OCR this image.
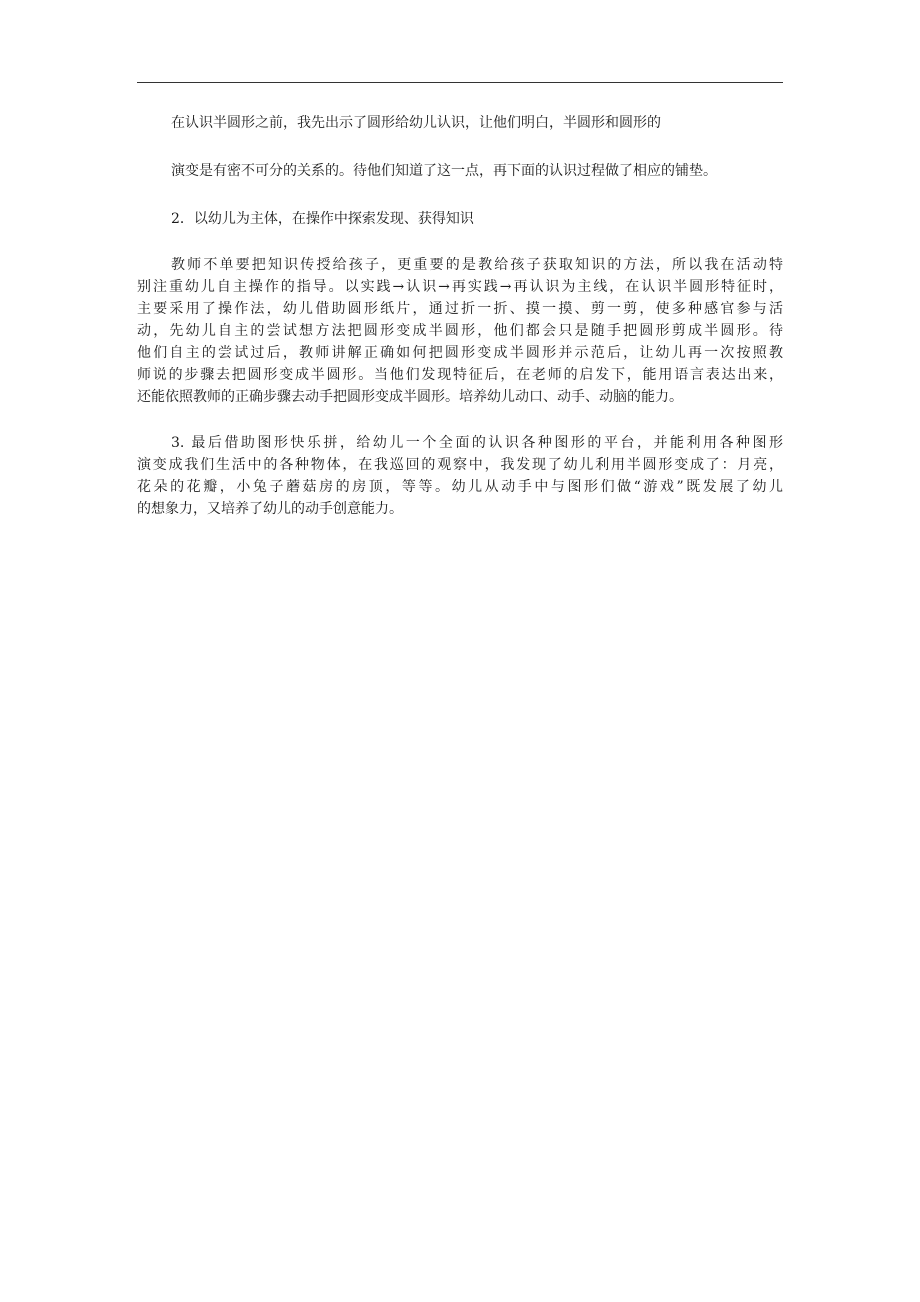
在认识半圆形之前，我先出示了圆形给幼儿认识，让他们明白，半圆形和圆形的
演变是有密不可分的关系的。待他们知道了这一点，再下面的认识过程做了相应的铺垫。
2．以幼儿为主体，在操作中探索发现、获得知识
教师不单要把知识传授给孩子，更重要的是教给孩子获取知识的方法，所以我在活动特
别注重幼儿自主操作的指导。以实践→认识→再实践→再认识为主线，在认识半圆形特征时，
主要采用了操作法，幼儿借助圆形纸片，通过折一折、摸一摸、剪一剪，使多种感官参与活
动，先幼儿自主的尝试想方法把圆形变成半圆形，他们都会只是随手把圆形剪成半圆形。待
他们自主的尝试过后，教师讲解正确如何把圆形变成半圆形并示范后，让幼儿再一次按照教
师说的步骤去把圆形变成半圆形。当他们发现特征后，在老师的启发下，能用语言表达出来，
还能依照教师的正确步骤去动手把圆形变成半圆形。培养幼儿动口、动手、动脑的能力。
3. 最后借助图形快乐拼，给幼儿一个全面的认识各种图形的平台，并能利用各种图形
演变成我们生活中的各种物体，在我巡回的观察中，我发现了幼儿利用半圆形变成了：月亮，
花朵的花瓣，小兔子蘑菇房的房顶，等等。幼儿从动手中与图形们做“游戏”既发展了幼儿
的想象力，又培养了幼儿的动手创意能力。
